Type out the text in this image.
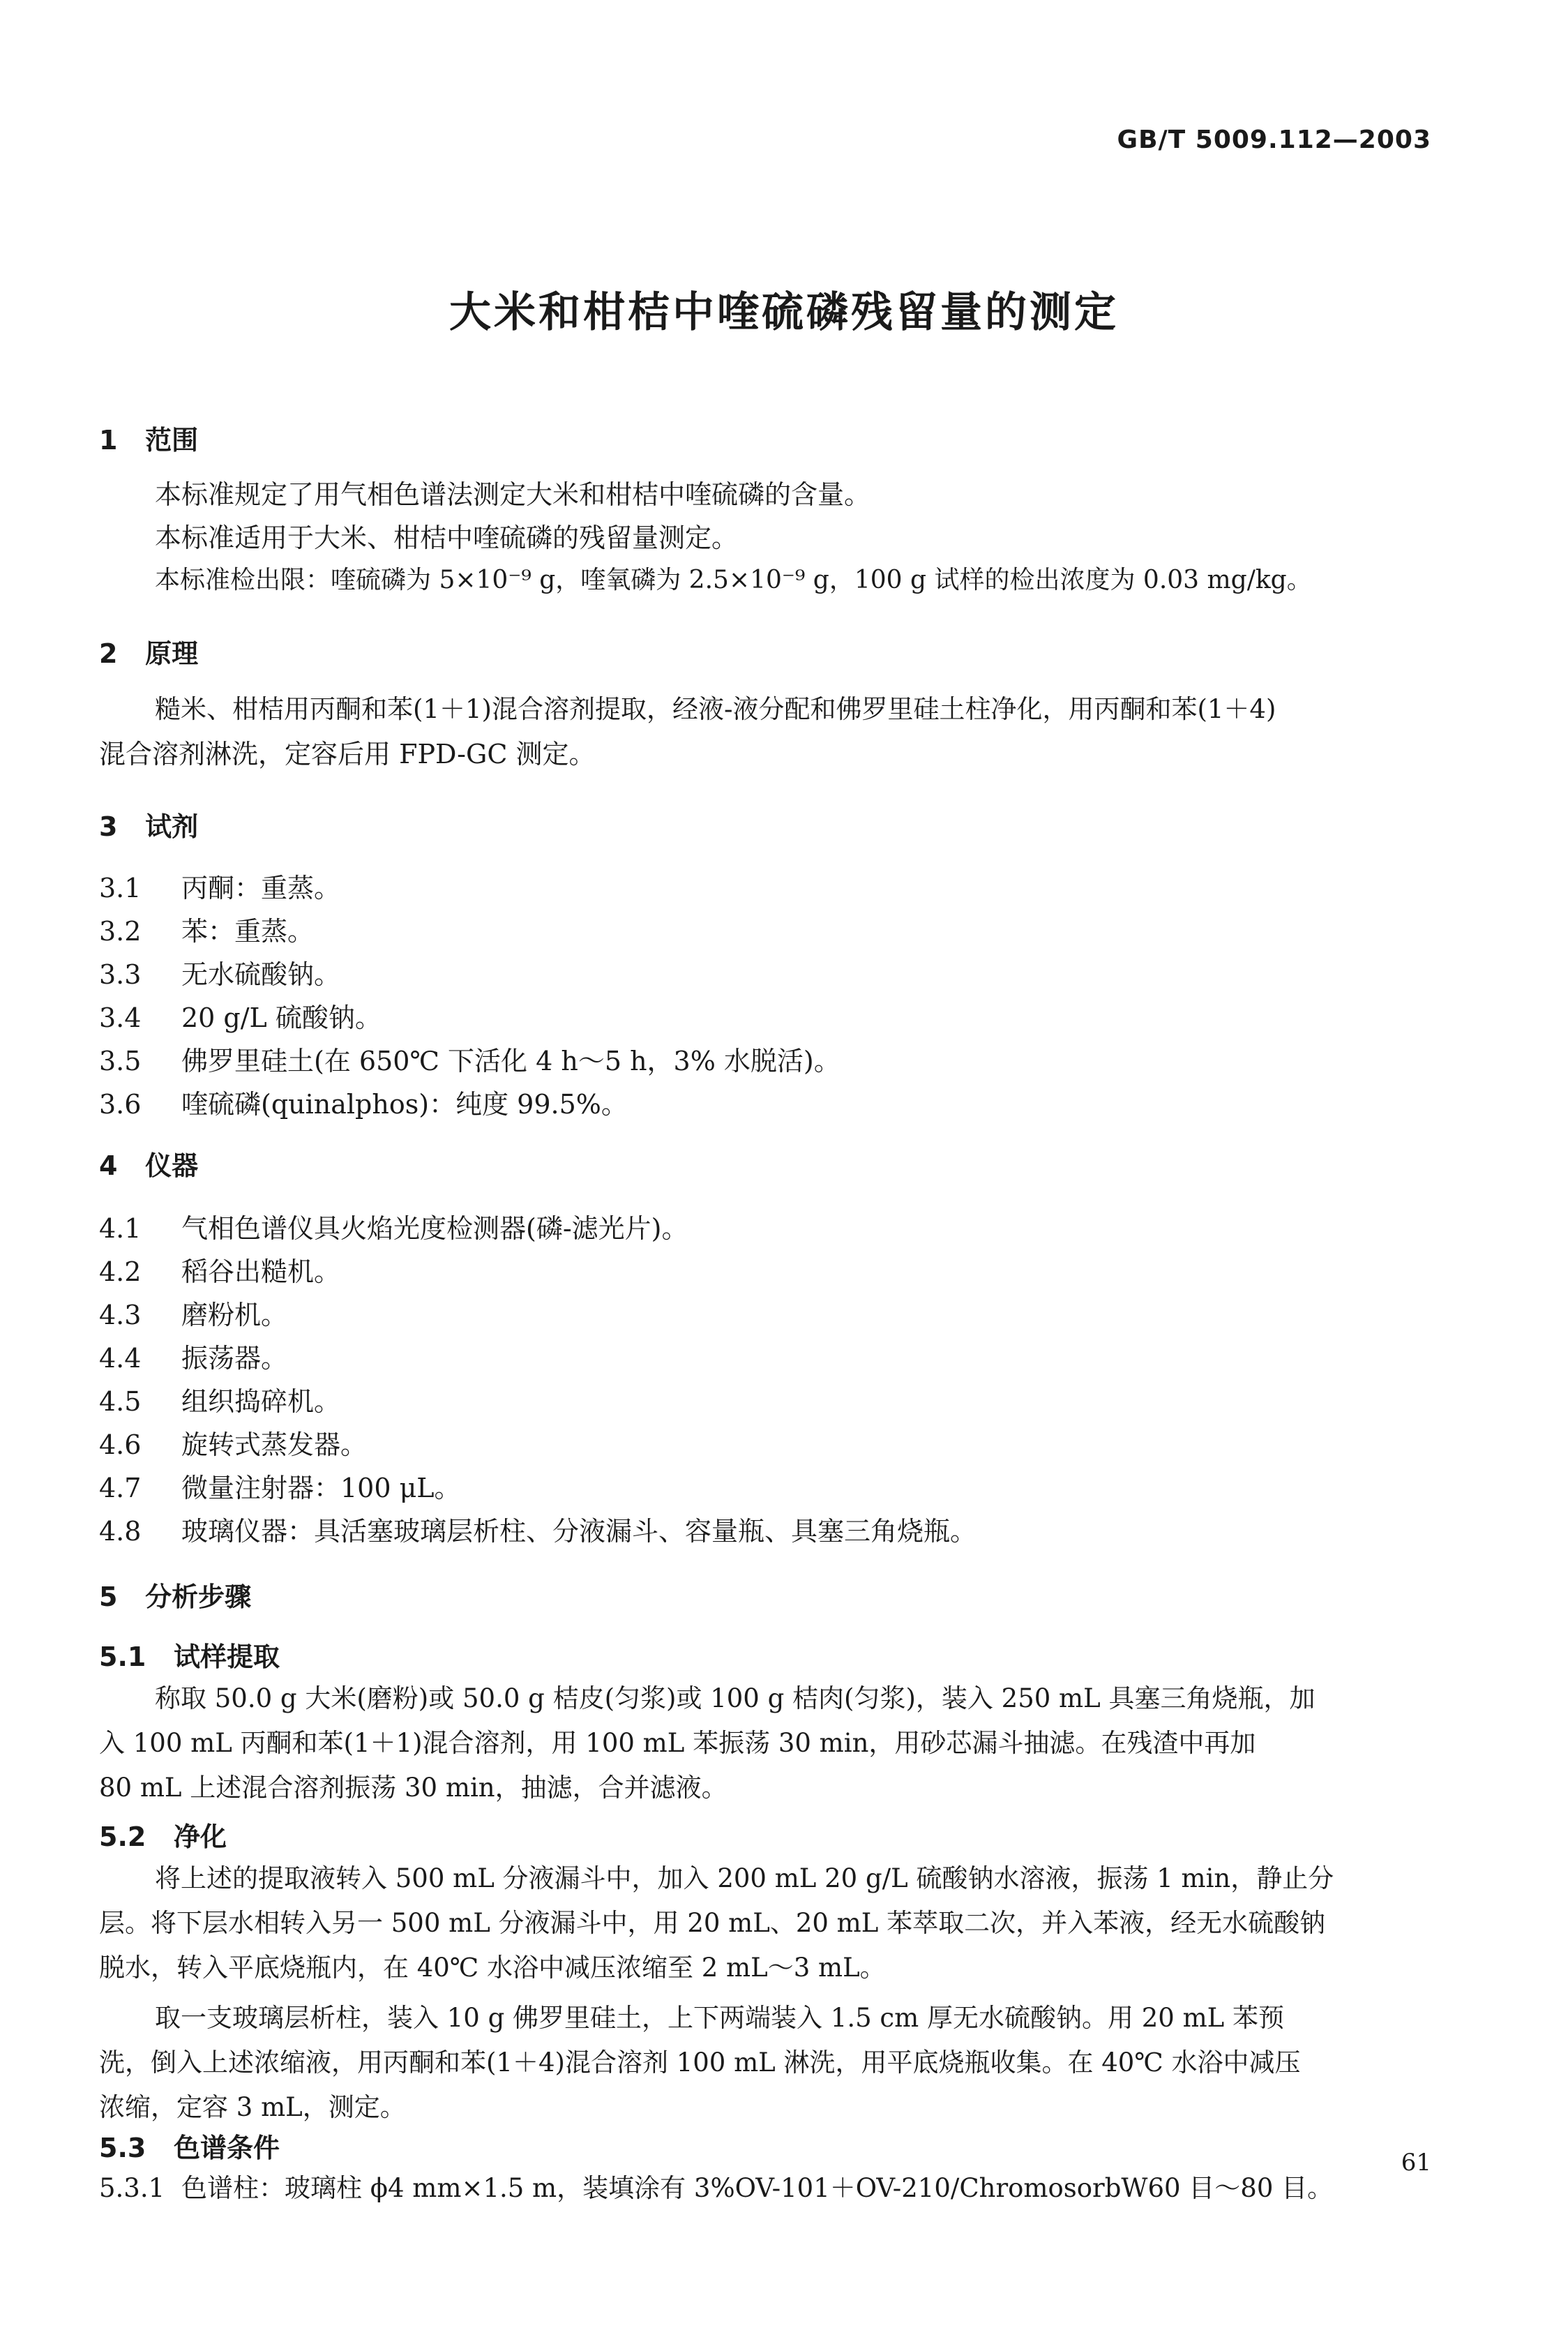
GB/T 5009.112—2003
大米和柑桔中喹硫磷残留量的测定
1 范围
本标准规定了用气相色谱法测定大米和柑桔中喹硫磷的含量。
本标准适用于大米、柑桔中喹硫磷的残留量测定。
本标准检出限：喹硫磷为 5×10⁻⁹ g，喹氧磷为 2.5×10⁻⁹ g，100 g 试样的检出浓度为 0.03 mg/kg。
2 原理
糙米、柑桔用丙酮和苯(1＋1)混合溶剂提取，经液-液分配和佛罗里硅土柱净化，用丙酮和苯(1＋4)
混合溶剂淋洗，定容后用 FPD-GC 测定。
3 试剂
3.1 丙酮：重蒸。
3.2 苯：重蒸。
3.3 无水硫酸钠。
3.4 20 g/L 硫酸钠。
3.5 佛罗里硅土(在 650℃ 下活化 4 h～5 h，3% 水脱活)。
3.6 喹硫磷(quinalphos)：纯度 99.5%。
4 仪器
4.1 气相色谱仪具火焰光度检测器(磷-滤光片)。
4.2 稻谷出糙机。
4.3 磨粉机。
4.4 振荡器。
4.5 组织捣碎机。
4.6 旋转式蒸发器。
4.7 微量注射器：100 μL。
4.8 玻璃仪器：具活塞玻璃层析柱、分液漏斗、容量瓶、具塞三角烧瓶。
5 分析步骤
5.1 试样提取
称取 50.0 g 大米(磨粉)或 50.0 g 桔皮(匀浆)或 100 g 桔肉(匀浆)，装入 250 mL 具塞三角烧瓶，加
入 100 mL 丙酮和苯(1＋1)混合溶剂，用 100 mL 苯振荡 30 min，用砂芯漏斗抽滤。在残渣中再加
80 mL 上述混合溶剂振荡 30 min，抽滤，合并滤液。
5.2 净化
将上述的提取液转入 500 mL 分液漏斗中，加入 200 mL 20 g/L 硫酸钠水溶液，振荡 1 min，静止分
层。将下层水相转入另一 500 mL 分液漏斗中，用 20 mL、20 mL 苯萃取二次，并入苯液，经无水硫酸钠
脱水，转入平底烧瓶内，在 40℃ 水浴中减压浓缩至 2 mL～3 mL。
取一支玻璃层析柱，装入 10 g 佛罗里硅土，上下两端装入 1.5 cm 厚无水硫酸钠。用 20 mL 苯预
洗，倒入上述浓缩液，用丙酮和苯(1＋4)混合溶剂 100 mL 淋洗，用平底烧瓶收集。在 40℃ 水浴中减压
浓缩，定容 3 mL，测定。
5.3 色谱条件
5.3.1 色谱柱：玻璃柱 ϕ4 mm×1.5 m，装填涂有 3%OV-101＋OV-210/ChromosorbW60 目～80 目。
61
